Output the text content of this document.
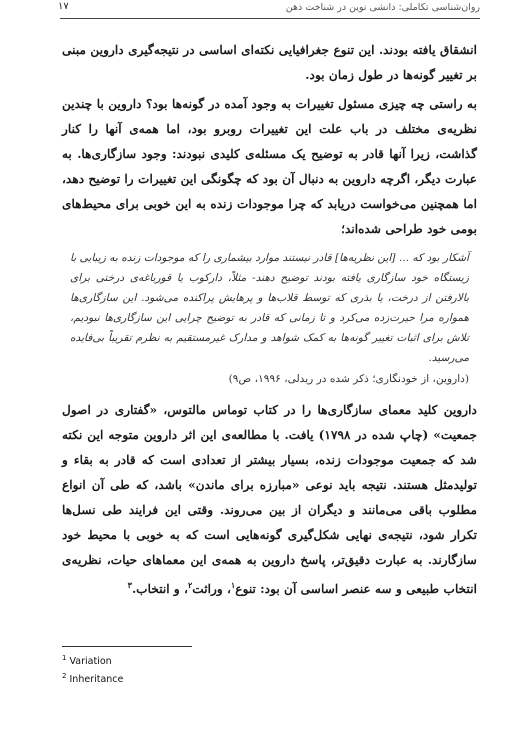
روان‌شناسی تکاملی: دانشی نوین در شناخت ذهن
۱۷

انشقاق یافته بودند. این تنوع جغرافیایی نکته‌ای اساسی در نتیجه‌گیری داروین مبنی بر تغییر گونه‌ها در طول زمان بود.

به راستی چه چیزی مسئول تغییرات به وجود آمده در گونه‌ها بود؟ داروین با چندین نظریه‌ی مختلف در باب علت این تغییرات روبرو بود، اما همه‌ی آنها را کنار گذاشت، زیرا آنها قادر به توضیح یک مسئله‌ی کلیدی نبودند: وجود سازگاری‌ها. به عبارت دیگر، اگرچه داروین به دنبال آن بود که چگونگی این تغییرات را توضیح دهد، اما همچنین می‌خواست دریابد که چرا موجودات زنده به این خوبی برای محیط‌های بومی خود طراحی شده‌اند؛

آشکار بود که ... [این نظریه‌ها] قادر نیستند موارد بیشماری را که موجودات زنده به زیبایی با زیستگاه خود سازگاری یافته بودند توضیح دهند- مثلاً، دارکوب یا قورباغه‌ی درختی برای بالارفتن از درخت، یا بذری که توسط قلاب‌ها و پرهایش پراکنده می‌شود. این سازگاری‌ها همواره مرا حیرت‌زده می‌کرد و تا زمانی که قادر به توضیح چرایی این سازگاری‌ها نبودیم، تلاش برای اثبات تغییر گونه‌ها به کمک شواهد و مدارک غیرمستقیم به نظرم تقریباً بی‌فایده می‌رسید.
(داروین، از خودنگاری؛ ذکر شده در ریدلی، ۱۹۹۶، ص۹)

داروین کلید معمای سازگاری‌ها را در کتاب توماس مالتوس، «گفتاری در اصول جمعیت» (چاپ شده در ۱۷۹۸) یافت. با مطالعه‌ی این اثر داروین متوجه این نکته شد که جمعیت موجودات زنده، بسیار بیشتر از تعدادی است که قادر به بقاء و تولیدمثل هستند. نتیجه باید نوعی «مبارزه برای ماندن» باشد، که طی آن انواع مطلوب باقی می‌مانند و دیگران از بین می‌روند. وقتی این فرایند طی نسل‌ها تکرار شود، نتیجه‌ی نهایی شکل‌گیری گونه‌هایی است که به خوبی با محیط خود سازگارند. به عبارت دقیق‌تر، پاسخ داروین به همه‌ی این معماهای حیات، نظریه‌ی انتخاب طبیعی و سه عنصر اساسی آن بود: تنوع$^۱$، وراثت$^۲$، و انتخاب.$^۳$

$^1$ Variation
$^2$ Inheritance
